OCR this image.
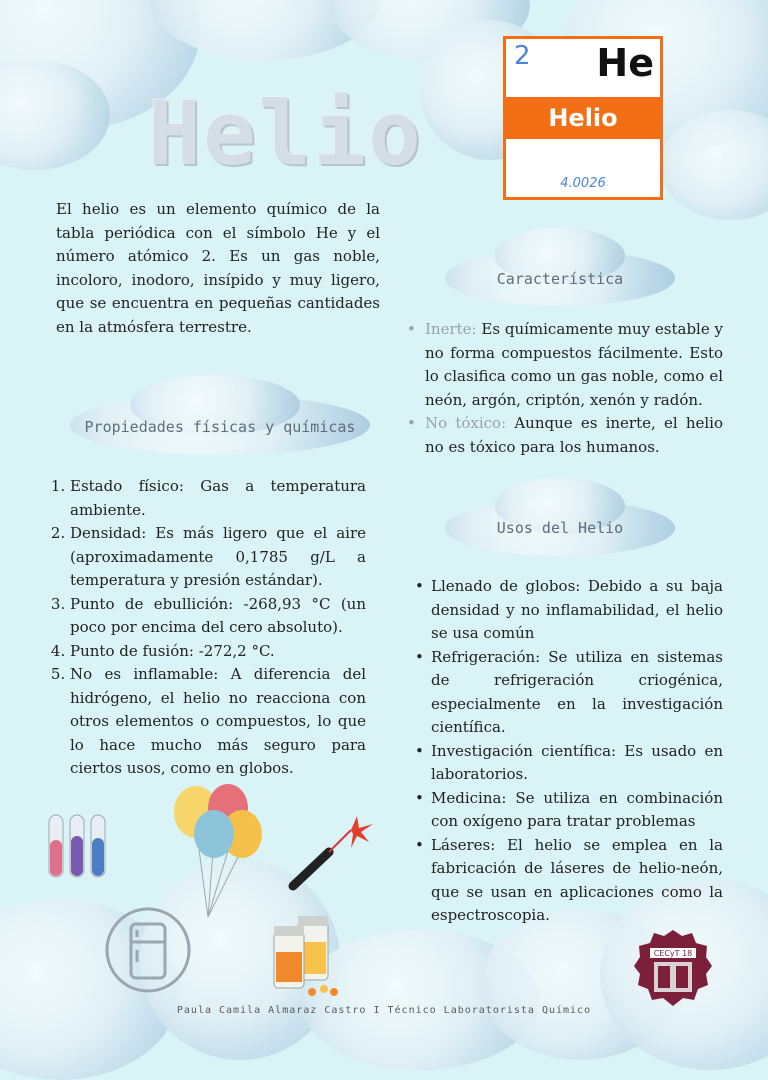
Helio
2 He
Helio
4.0026
El helio es un elemento químico de la tabla periódica con el símbolo He y el número atómico 2. Es un gas noble, incoloro, inodoro, insípido y muy ligero, que se encuentra en pequeñas cantidades en la atmósfera terrestre.
Propiedades físicas y químicas
1. Estado físico: Gas a temperatura ambiente.
2. Densidad: Es más ligero que el aire (aproximadamente 0,1785 g/L a temperatura y presión estándar).
3. Punto de ebullición: -268,93 °C (un poco por encima del cero absoluto).
4. Punto de fusión: -272,2 °C.
5. No es inflamable: A diferencia del hidrógeno, el helio no reacciona con otros elementos o compuestos, lo que lo hace mucho más seguro para ciertos usos, como en globos.
Característica
• Inerte: Es químicamente muy estable y no forma compuestos fácilmente. Esto lo clasifica como un gas noble, como el neón, argón, criptón, xenón y radón.
• No tóxico: Aunque es inerte, el helio no es tóxico para los humanos.
Usos del Helio
• Llenado de globos: Debido a su baja densidad y no inflamabilidad, el helio se usa común
• Refrigeración: Se utiliza en sistemas de refrigeración criogénica, especialmente en la investigación científica.
• Investigación científica: Es usado en laboratorios.
• Medicina: Se utiliza en combinación con oxígeno para tratar problemas
• Láseres: El helio se emplea en la fabricación de láseres de helio-neón, que se usan en aplicaciones como la espectroscopia.
CECyT 18
Paula Camila Almaraz Castro I Técnico Laboratorista Químico
